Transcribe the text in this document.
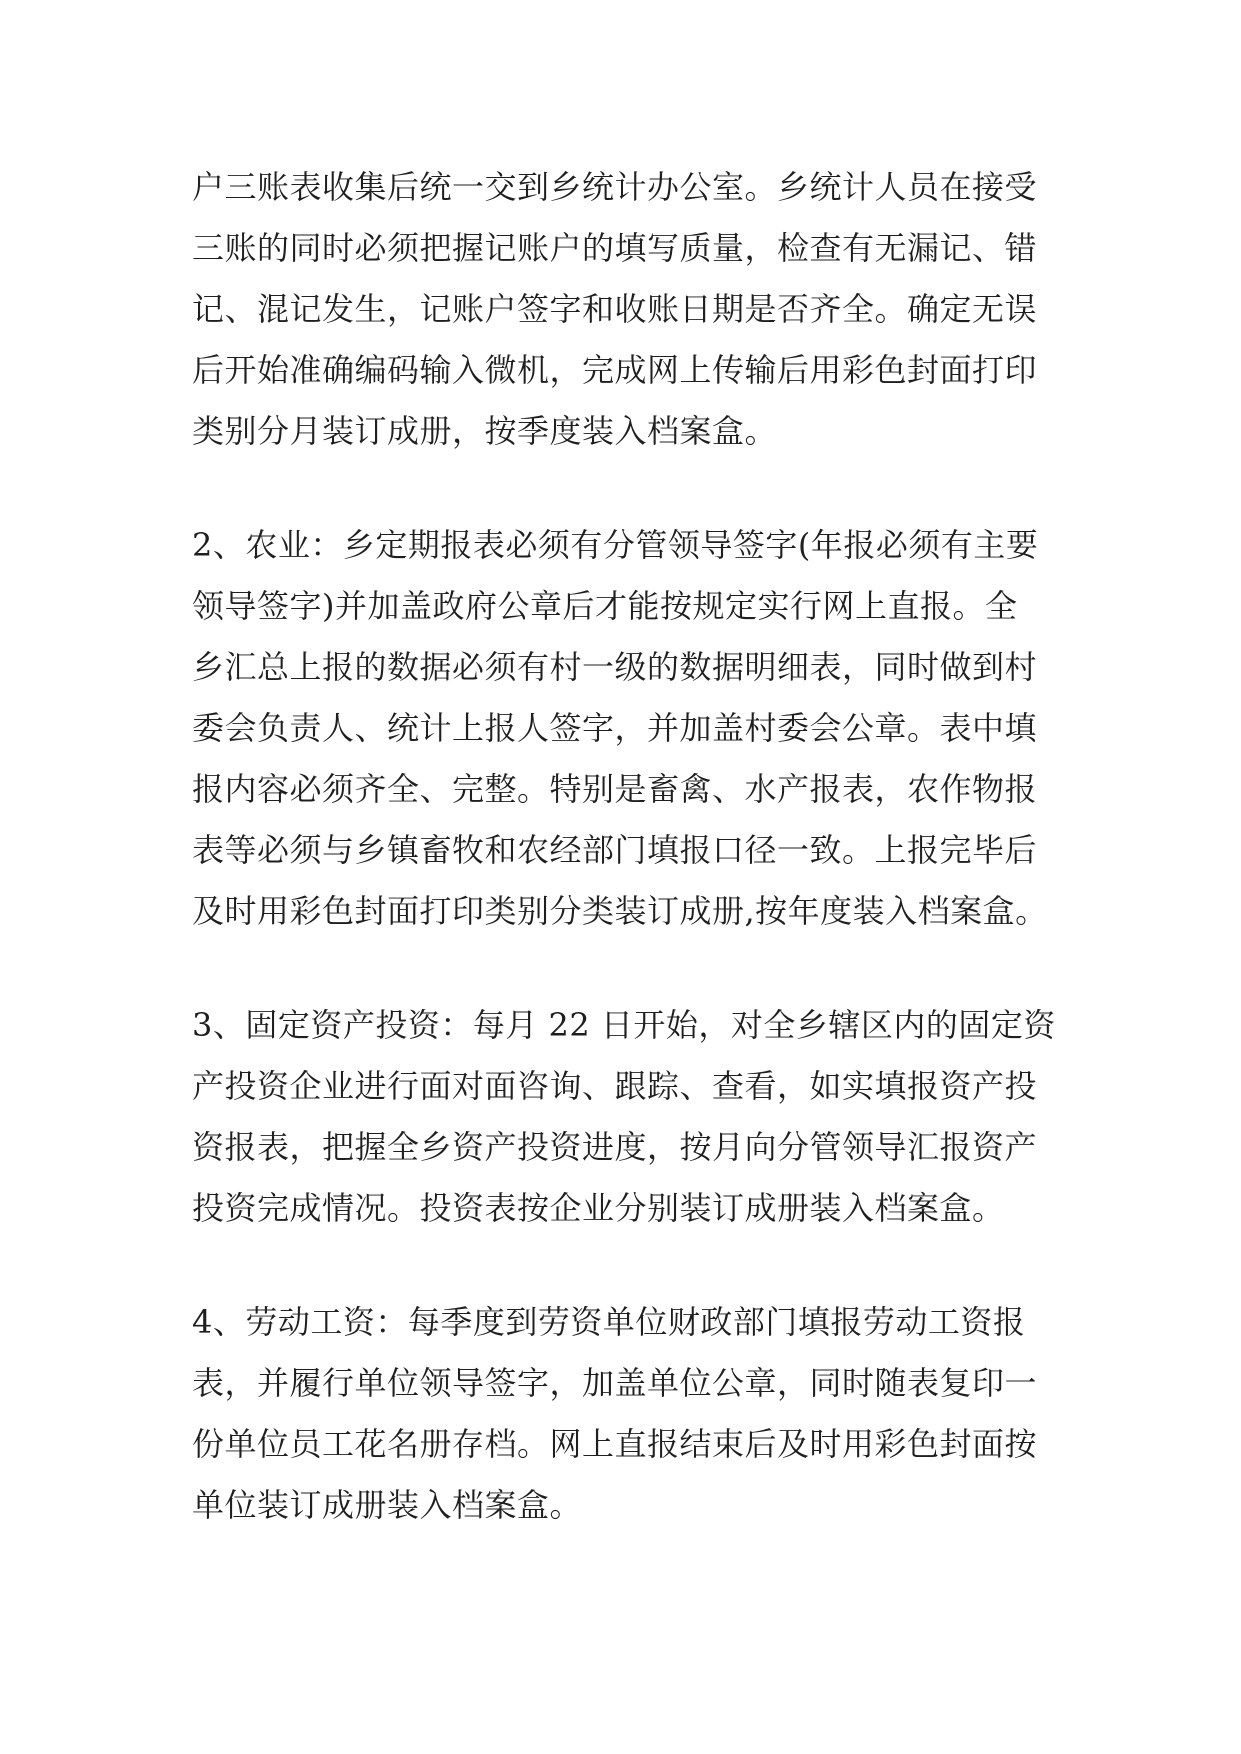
户三账表收集后统一交到乡统计办公室。乡统计人员在接受
三账的同时必须把握记账户的填写质量，检查有无漏记、错
记、混记发生，记账户签字和收账日期是否齐全。确定无误
后开始准确编码输入微机，完成网上传输后用彩色封面打印
类别分月装订成册，按季度装入档案盒。
2、农业：乡定期报表必须有分管领导签字(年报必须有主要
领导签字)并加盖政府公章后才能按规定实行网上直报。全
乡汇总上报的数据必须有村一级的数据明细表，同时做到村
委会负责人、统计上报人签字，并加盖村委会公章。表中填
报内容必须齐全、完整。特别是畜禽、水产报表，农作物报
表等必须与乡镇畜牧和农经部门填报口径一致。上报完毕后
及时用彩色封面打印类别分类装订成册,按年度装入档案盒。
3、固定资产投资：每月 22 日开始，对全乡辖区内的固定资
产投资企业进行面对面咨询、跟踪、查看，如实填报资产投
资报表，把握全乡资产投资进度，按月向分管领导汇报资产
投资完成情况。投资表按企业分别装订成册装入档案盒。
4、劳动工资：每季度到劳资单位财政部门填报劳动工资报
表，并履行单位领导签字，加盖单位公章，同时随表复印一
份单位员工花名册存档。网上直报结束后及时用彩色封面按
单位装订成册装入档案盒。
